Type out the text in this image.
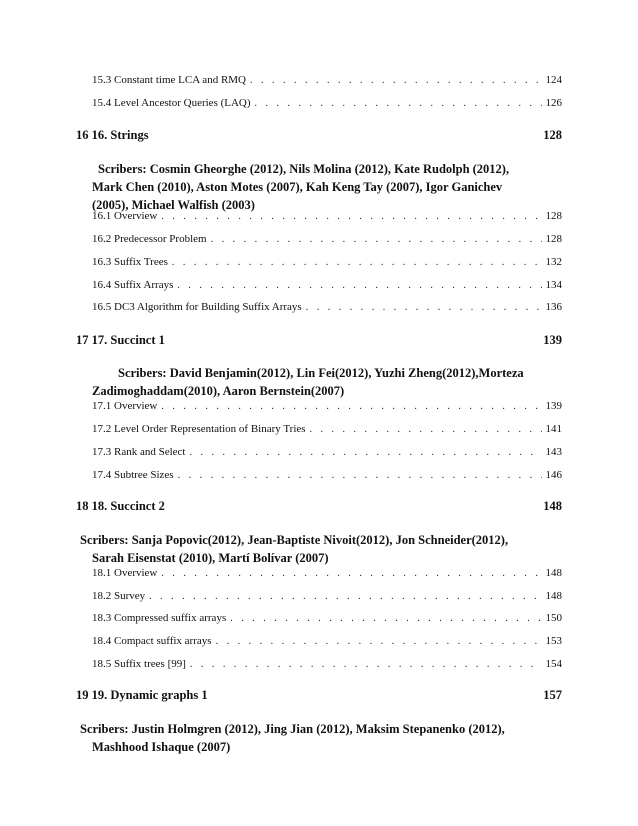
15.3 Constant time LCA and RMQ . . .	124
15.4 Level Ancestor Queries (LAQ) . . .	126
16 16. Strings	128
Scribers: Cosmin Gheorghe (2012), Nils Molina (2012), Kate Rudolph (2012),
Mark Chen (2010), Aston Motes (2007), Kah Keng Tay (2007), Igor Ganichev
(2005), Michael Walfish (2003)
16.1 Overview . . .	128
16.2 Predecessor Problem . . .	128
16.3 Suffix Trees . . .	132
16.4 Suffix Arrays . . .	134
16.5 DC3 Algorithm for Building Suffix Arrays . . .	136
17 17. Succinct 1	139
Scribers: David Benjamin(2012), Lin Fei(2012), Yuzhi Zheng(2012),Morteza
Zadimoghaddam(2010), Aaron Bernstein(2007)
17.1 Overview . . .	139
17.2 Level Order Representation of Binary Tries . . .	141
17.3 Rank and Select . . .	143
17.4 Subtree Sizes . . .	146
18 18. Succinct 2	148
Scribers: Sanja Popovic(2012), Jean-Baptiste Nivoit(2012), Jon Schneider(2012),
Sarah Eisenstat (2010), Martí Bolívar (2007)
18.1 Overview . . .	148
18.2 Survey . . .	148
18.3 Compressed suffix arrays . . .	150
18.4 Compact suffix arrays . . .	153
18.5 Suffix trees [99] . . .	154
19 19. Dynamic graphs 1	157
Scribers: Justin Holmgren (2012), Jing Jian (2012), Maksim Stepanenko (2012),
Mashhood Ishaque (2007)
